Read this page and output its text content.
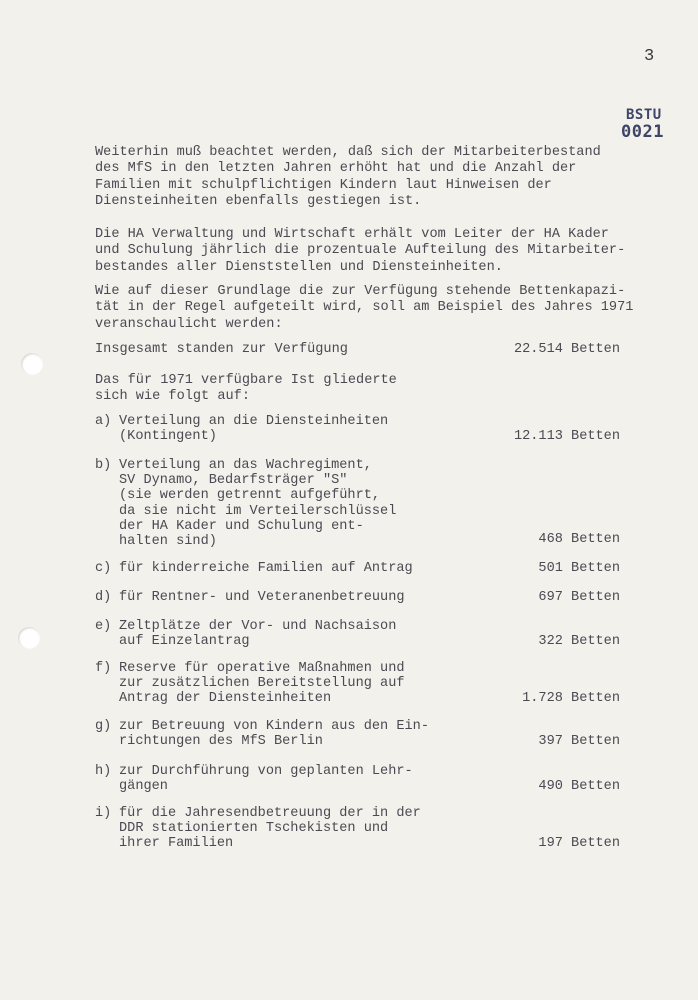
3
BSTU
0021
Weiterhin muß beachtet werden, daß sich der Mitarbeiterbestand
des MfS in den letzten Jahren erhöht hat und die Anzahl der
Familien mit schulpflichtigen Kindern laut Hinweisen der
Diensteinheiten ebenfalls gestiegen ist.
Die HA Verwaltung und Wirtschaft erhält vom Leiter der HA Kader
und Schulung jährlich die prozentuale Aufteilung des Mitarbeiter-
bestandes aller Dienststellen und Diensteinheiten.
Wie auf dieser Grundlage die zur Verfügung stehende Bettenkapazi-
tät in der Regel aufgeteilt wird, soll am Beispiel des Jahres 1971
veranschaulicht werden:
Insgesamt standen zur Verfügung	22.514 Betten
Das für 1971 verfügbare Ist gliederte
sich wie folgt auf:
a) Verteilung an die Diensteinheiten
(Kontingent)	12.113 Betten
b) Verteilung an das Wachregiment,
SV Dynamo, Bedarfsträger "S"
(sie werden getrennt aufgeführt,
da sie nicht im Verteilerschlüssel
der HA Kader und Schulung ent-
halten sind)	468 Betten
c) für kinderreiche Familien auf Antrag	501 Betten
d) für Rentner- und Veteranenbetreuung	697 Betten
e) Zeltplätze der Vor- und Nachsaison
auf Einzelantrag	322 Betten
f) Reserve für operative Maßnahmen und
zur zusätzlichen Bereitstellung auf
Antrag der Diensteinheiten	1.728 Betten
g) zur Betreuung von Kindern aus den Ein-
richtungen des MfS Berlin	397 Betten
h) zur Durchführung von geplanten Lehr-
gängen	490 Betten
i) für die Jahresendbetreuung der in der
DDR stationierten Tschekisten und
ihrer Familien	197 Betten
